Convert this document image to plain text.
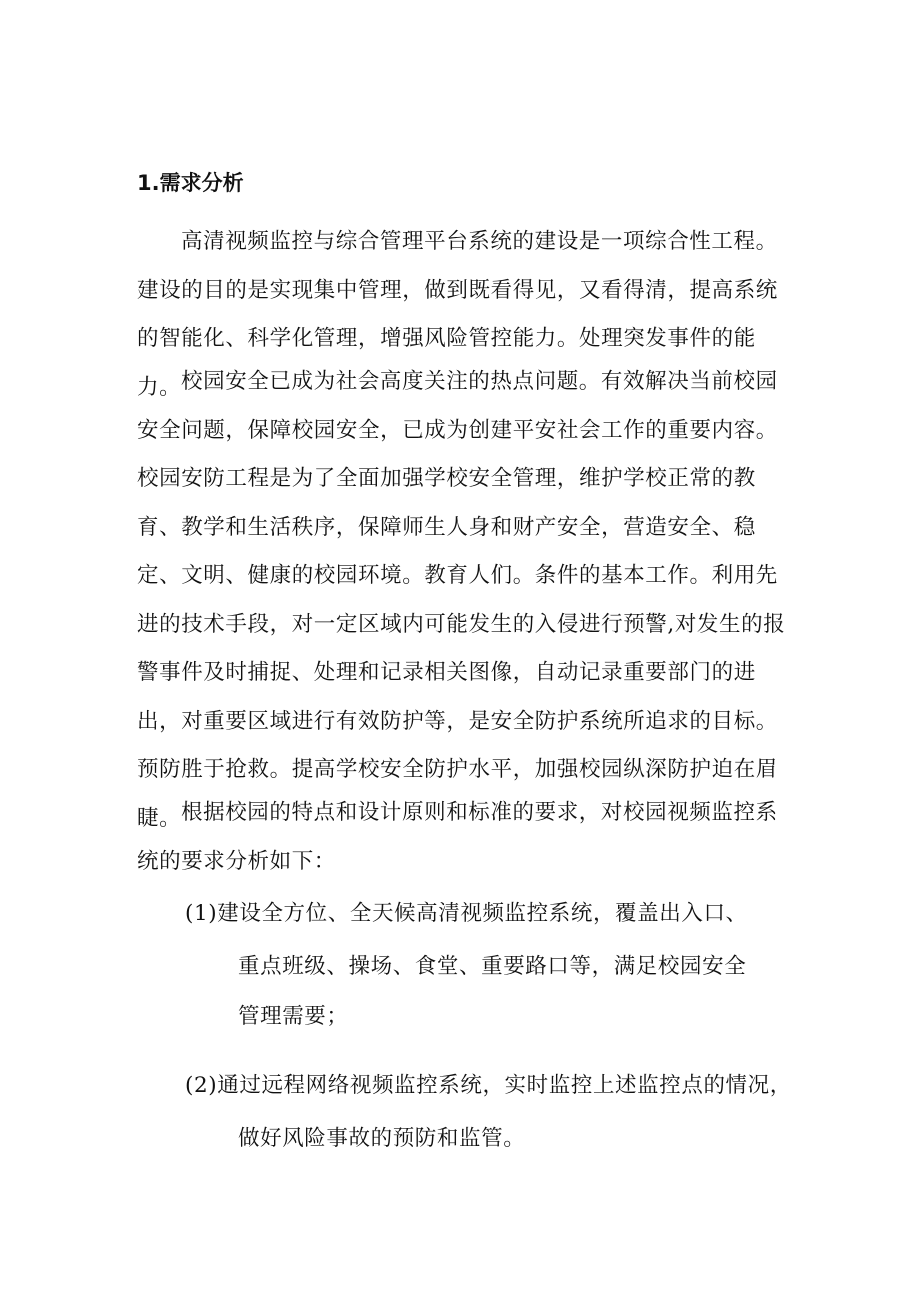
1.需求分析

高清视频监控与综合管理平台系统的建设是一项综合性工程。建设的目的是实现集中管理，做到既看得见，又看得清，提高系统的智能化、科学化管理，增强风险管控能力。处理突发事件的能力。 校园安全已成为社会高度关注的热点问题。有效解决当前校园安全问题，保障校园安全，已成为创建平安社会工作的重要内容。校园安防工程是为了全面加强学校安全管理，维护学校正常的教育、教学和生活秩序，保障师生人身和财产安全，营造安全、稳定、文明、健康的校园环境。教育人们。条件的基本工作。利用先进的技术手段，对一定区域内可能发生的入侵进行预警,对发生的报警事件及时捕捉、处理和记录相关图像，自动记录重要部门的进出，对重要区域进行有效防护等，是安全防护系统所追求的目标。预防胜于抢救。提高学校安全防护水平，加强校园纵深防护迫在眉睫。 根据校园的特点和设计原则和标准的要求，对校园视频监控系统的要求分析如下：

(1)建设全方位、全天候高清视频监控系统，覆盖出入口、
重点班级、操场、食堂、重要路口等，满足校园安全
管理需要；
(2)通过远程网络视频监控系统，实时监控上述监控点的情况，
做好风险事故的预防和监管。
